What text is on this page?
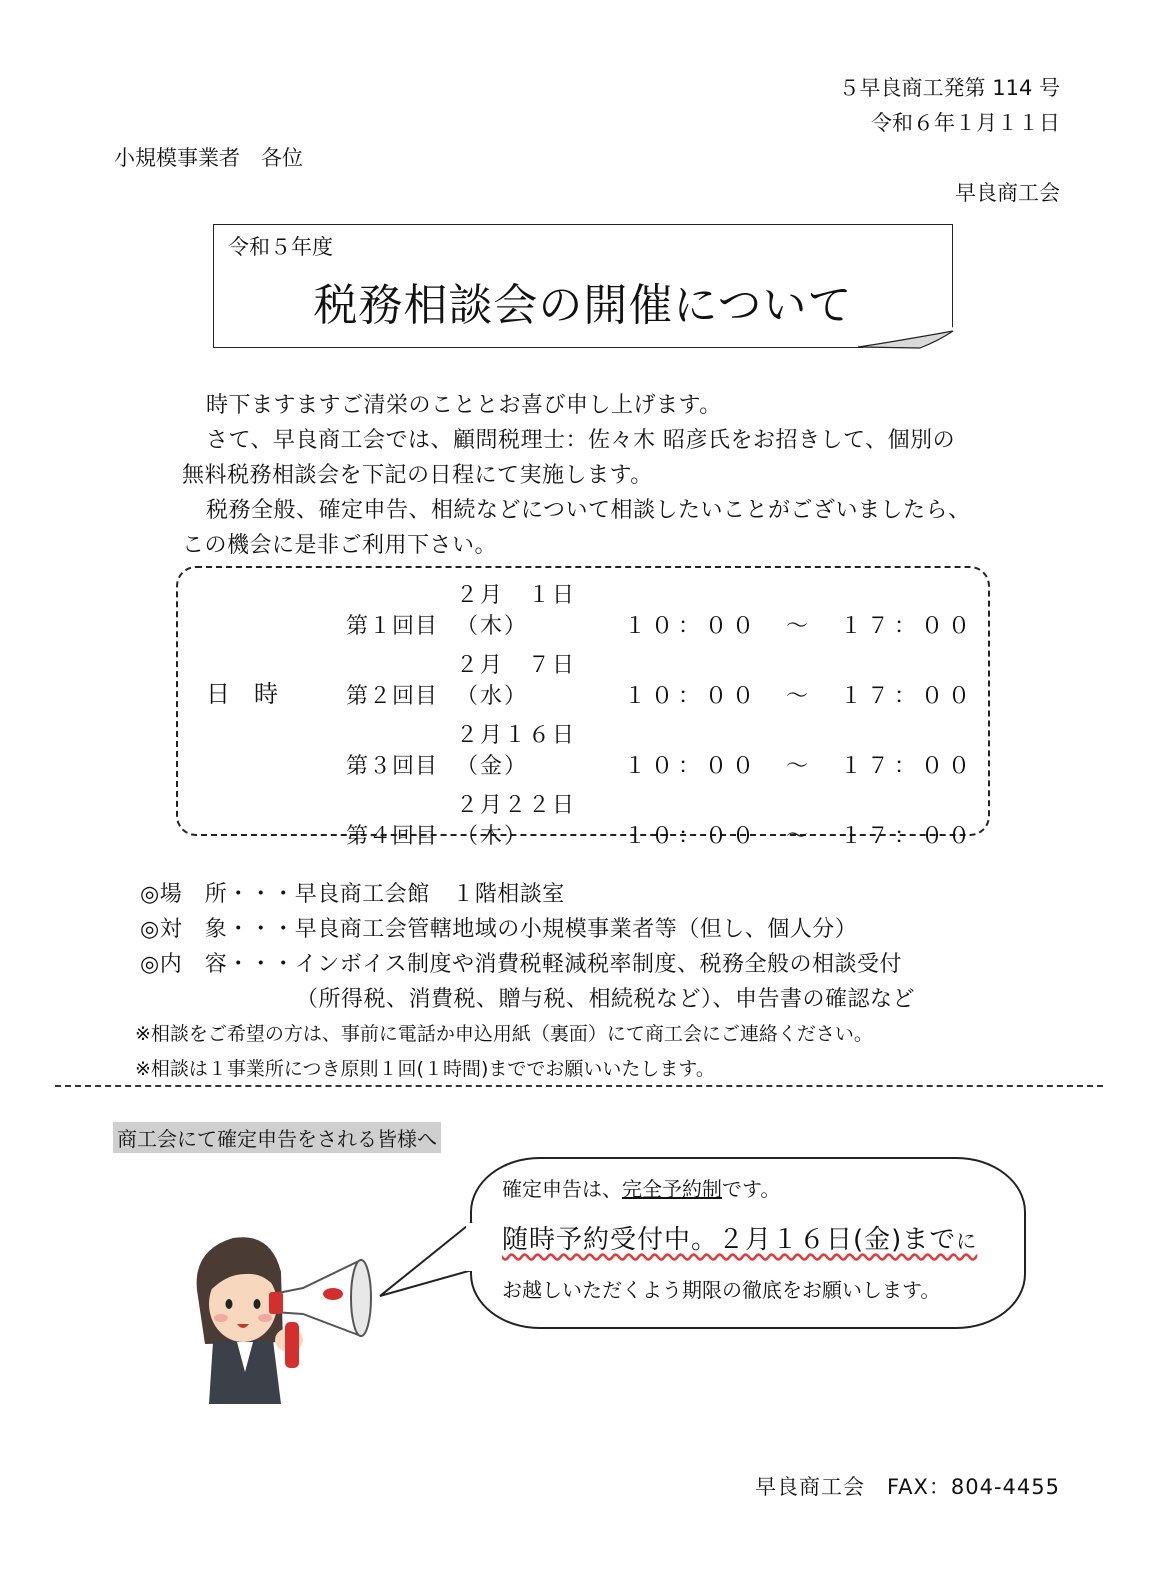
５早良商工発第 114 号
令和６年１月１１日
小規模事業者　各位
早良商工会
令和５年度
税務相談会の開催について
時下ますますご清栄のこととお喜び申し上げます。
さて、早良商工会では、顧問税理士：佐々木 昭彦氏をお招きして、個別の
無料税務相談会を下記の日程にて実施します。
税務全般、確定申告、相続などについて相談したいことがございましたら、
この機会に是非ご利用下さい。
日時
第１回目２月　１日（木）	１０：００　～　１７：００
第２回目２月　７日（水）	１０：００　～　１７：００
第３回目２月１６日（金）	１０：００　～　１７：００
第４回目２月２２日（木）	１０：００　～　１７：００
◎場　所・・・早良商工会館　１階相談室
◎対　象・・・早良商工会管轄地域の小規模事業者等（但し、個人分）
◎内　容・・・インボイス制度や消費税軽減税率制度、税務全般の相談受付
（所得税、消費税、贈与税、相続税など）、申告書の確認など
※相談をご希望の方は、事前に電話か申込用紙（裏面）にて商工会にご連絡ください。
※相談は１事業所につき原則１回(１時間)まででお願いいたします。
商工会にて確定申告をされる皆様へ
確定申告は、完全予約制です。
随時予約受付中。２月１６日(金)までに
お越しいただくよう期限の徹底をお願いします。
早良商工会　FAX：804-4455
